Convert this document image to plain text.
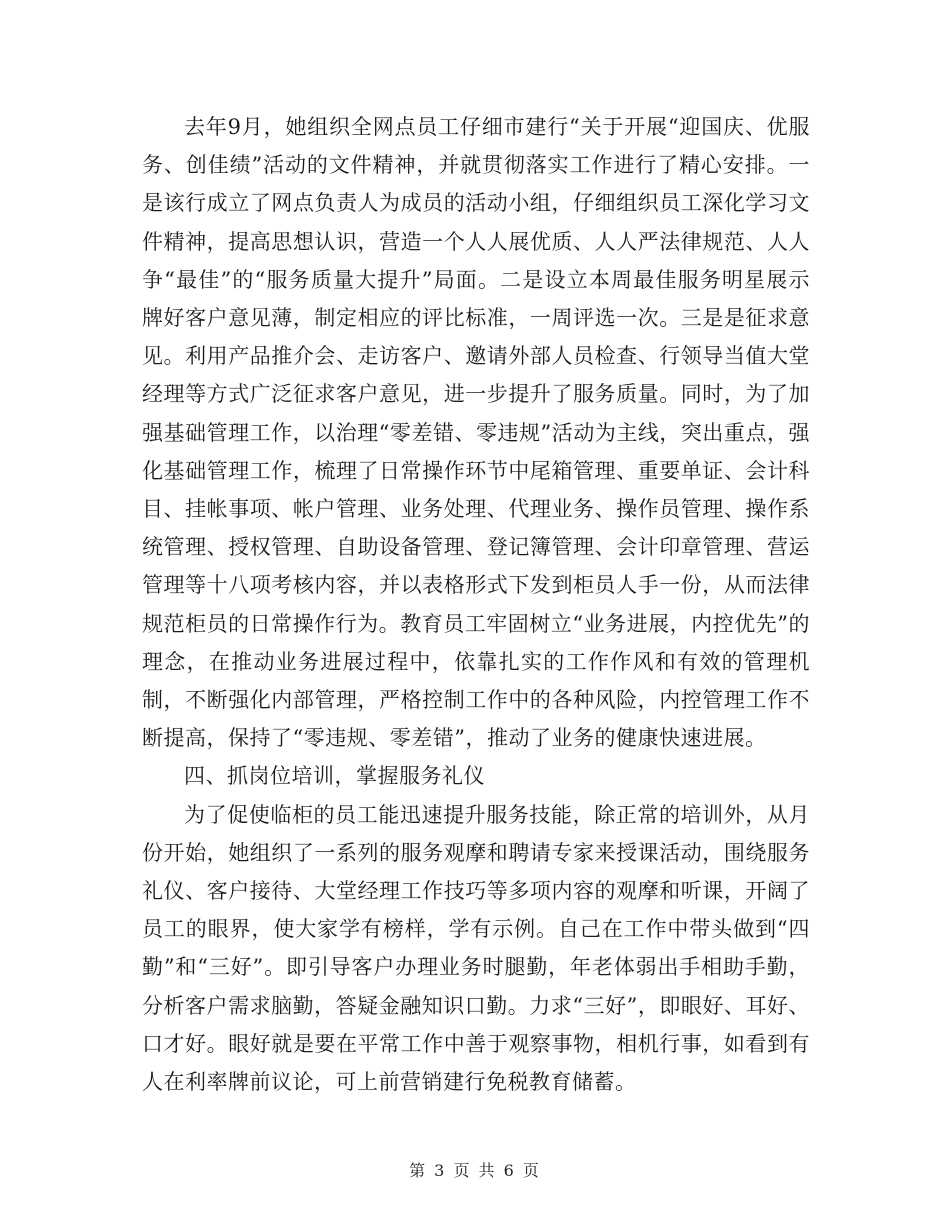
去年9月，她组织全网点员工仔细市建行“关于开展“迎国庆、优服务、创佳绩”活动的文件精神，并就贯彻落实工作进行了精心安排。一是该行成立了网点负责人为成员的活动小组，仔细组织员工深化学习文件精神，提高思想认识，营造一个人人展优质、人人严法律规范、人人争“最佳”的“服务质量大提升”局面。二是设立本周最佳服务明星展示牌好客户意见薄，制定相应的评比标准，一周评选一次。三是是征求意见。利用产品推介会、走访客户、邀请外部人员检查、行领导当值大堂经理等方式广泛征求客户意见，进一步提升了服务质量。同时，为了加强基础管理工作，以治理“零差错、零违规”活动为主线，突出重点，强化基础管理工作，梳理了日常操作环节中尾箱管理、重要单证、会计科目、挂帐事项、帐户管理、业务处理、代理业务、操作员管理、操作系统管理、授权管理、自助设备管理、登记簿管理、会计印章管理、营运管理等十八项考核内容，并以表格形式下发到柜员人手一份，从而法律规范柜员的日常操作行为。教育员工牢固树立“业务进展，内控优先”的理念，在推动业务进展过程中，依靠扎实的工作作风和有效的管理机制，不断强化内部管理，严格控制工作中的各种风险，内控管理工作不断提高，保持了“零违规、零差错”，推动了业务的健康快速进展。

四、抓岗位培训，掌握服务礼仪

为了促使临柜的员工能迅速提升服务技能，除正常的培训外，从月份开始，她组织了一系列的服务观摩和聘请专家来授课活动，围绕服务礼仪、客户接待、大堂经理工作技巧等多项内容的观摩和听课，开阔了员工的眼界，使大家学有榜样，学有示例。自己在工作中带头做到“四勤”和“三好”。即引导客户办理业务时腿勤，年老体弱出手相助手勤，分析客户需求脑勤，答疑金融知识口勤。力求“三好”，即眼好、耳好、口才好。眼好就是要在平常工作中善于观察事物，相机行事，如看到有人在利率牌前议论，可上前营销建行免税教育储蓄。

第 3 页 共 6 页
